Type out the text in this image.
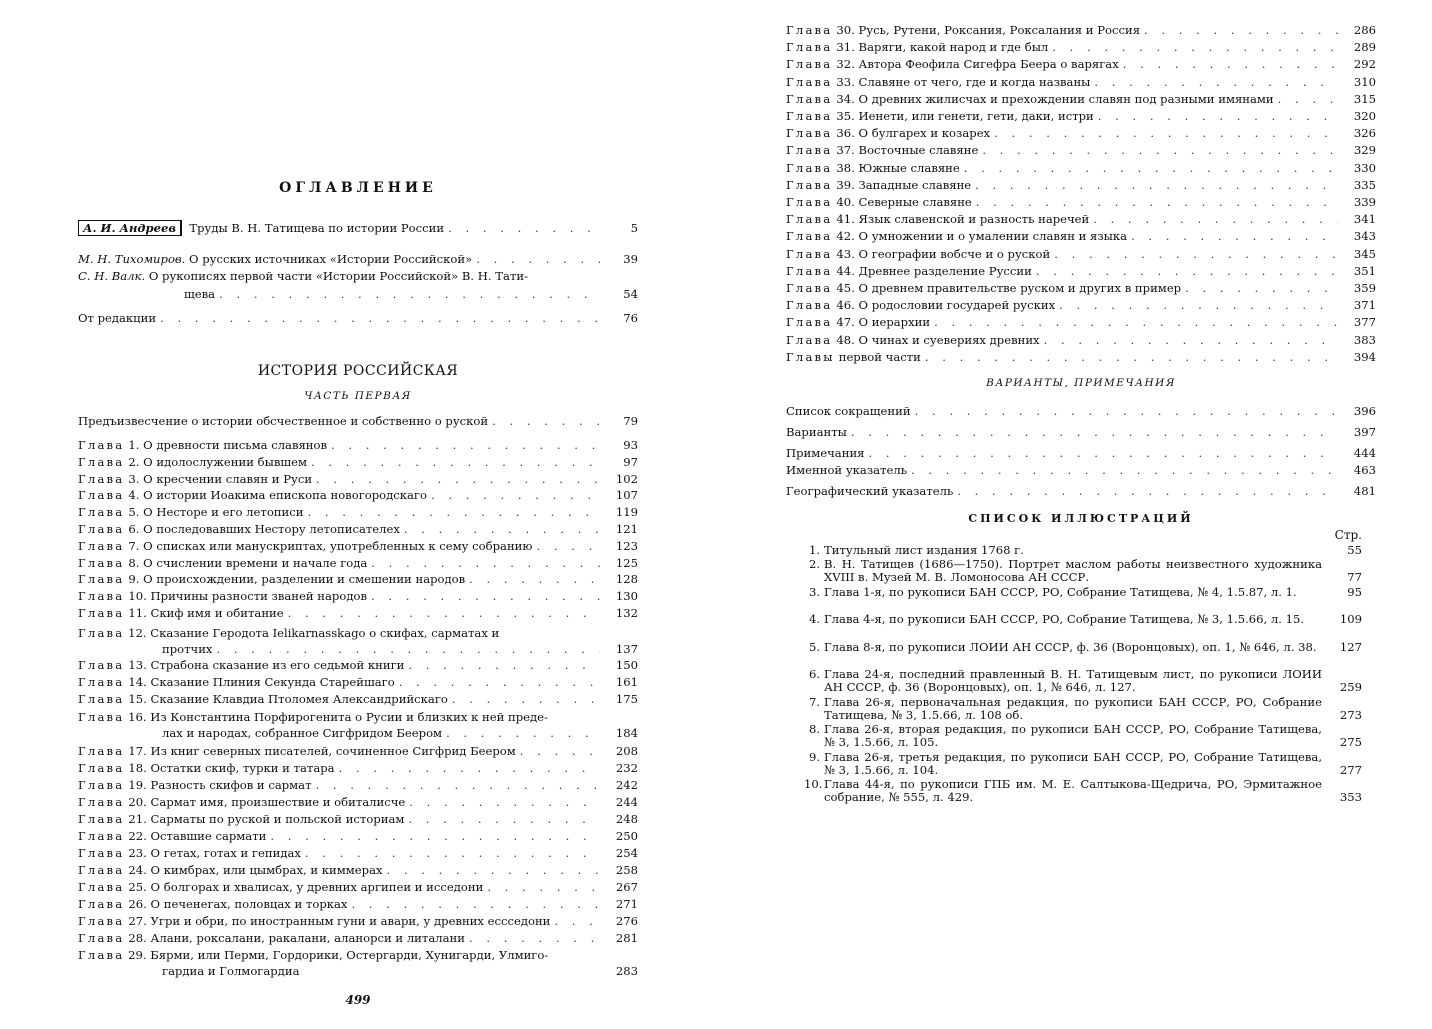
ОГЛАВЛЕНИЕ
А. И. Андреев Труды В. Н. Татищева по истории России . . .	5
М. Н. Тихомиров. О русских источниках «Истории Российской» . . .	39
С. Н. Валк. О рукописях первой части «Истории Российской» В. Н. Тати-
щева . . .	54
От редакции . . .	76
ИСТОРИЯ РОССИЙСКАЯ
ЧАСТЬ ПЕРВАЯ
Предъизвесчение о истории обсчественное и собственно о руской . . .	79
Глава 1. О древности письма славянов . . .	93
Глава 2. О идолослужении бывшем . . .	97
Глава 3. О кресчении славян и Руси . . .	102
Глава 4. О истории Иоакима епископа новогородскаго . . .	107
Глава 5. О Несторе и его летописи . . .	119
Глава 6. О последовавших Нестору летописателех . . .	121
Глава 7. О списках или манускриптах, употребленных к сему собранию . . .	123
Глава 8. О счислении времени и начале года . . .	125
Глава 9. О происхождении, разделении и смешении народов . . .	128
Глава 10. Причины разности званей народов . . .	130
Глава 11. Скиф имя и обитание . . .	132
Глава 12. Сказание Геродота Ielikarnasskago o скифах, сарматах и
протчих . . .	137
Глава 13. Страбона сказание из его седьмой книги . . .	150
Глава 14. Сказание Плиния Секунда Старейшаго . . .	161
Глава 15. Сказание Клавдиа Птоломея Александрийскаго . . .	175
Глава 16. Из Константина Порфирогенита о Русии и близких к ней преде-
лах и народах, собранное Сигфридом Беером . . .	184
Глава 17. Из книг северных писателей, сочиненное Сигфрид Беером . . .	208
Глава 18. Остатки скиф, турки и татара . . .	232
Глава 19. Разность скифов и сармат . . .	242
Глава 20. Сармат имя, произшествие и обиталисче . . .	244
Глава 21. Сарматы по руской и польской историам . . .	248
Глава 22. Оставшие сармати . . .	250
Глава 23. О гетах, готах и гепидах . . .	254
Глава 24. О кимбрах, или цымбрах, и киммерах . . .	258
Глава 25. О болгорах и хвалисах, у древних аргипеи и исседони . . .	267
Глава 26. О печенегах, половцах и торках . . .	271
Глава 27. Угри и обри, по иностранным гуни и авари, у древних ессседони . . .	276
Глава 28. Алани, роксалани, ракалани, аланорси и литалани . . .	281
Глава 29. Бярми, или Перми, Гордорики, Остергарди, Хунигарди, Улмиго-
гардиа и Голмогардиа	283
499
Глава 30. Русь, Рутени, Роксания, Роксалания и Россия . . .	286
Глава 31. Варяги, какой народ и где был . . .	289
Глава 32. Автора Феофила Сигефра Беера о варягах . . .	292
Глава 33. Славяне от чего, где и когда названы . . .	310
Глава 34. О древних жилисчах и прехождении славян под разными имянами . . .	315
Глава 35. Иенети, или генети, гети, даки, истри . . .	320
Глава 36. О булгарех и козарех . . .	326
Глава 37. Восточные славяне . . .	329
Глава 38. Южные славяне . . .	330
Глава 39. Западные славяне . . .	335
Глава 40. Северные славяне . . .	339
Глава 41. Язык славенской и разность наречей . . .	341
Глава 42. О умножении и о умалении славян и языка . . .	343
Глава 43. О географии вобсче и о руской . . .	345
Глава 44. Древнее разделение Руссии . . .	351
Глава 45. О древнем правительстве руском и других в пример . . .	359
Глава 46. О родословии государей руских . . .	371
Глава 47. О иерархии . . .	377
Глава 48. О чинах и суевериях древних . . .	383
Главы первой части . . .	394
ВАРИАНТЫ, ПРИМЕЧАНИЯ
Список сокращений . . .	396
Варианты . . .	397
Примечания . . .	444
Именной указатель . . .	463
Географический указатель . . .	481
СПИСОК ИЛЛЮСТРАЦИЙ
Стр.
1. Титульный лист издания 1768 г.	55
2. В. Н. Татищев (1686—1750). Портрет маслом работы неизвестного художника XVIII в. Музей М. В. Ломоносова АН СССР.	77
3. Глава 1-я, по рукописи БАН СССР, РО, Собрание Татищева, № 4, 1.5.87, л. 1.	95
4. Глава 4-я, по рукописи БАН СССР, РО, Собрание Татищева, № 3, 1.5.66, л. 15.	109
5. Глава 8-я, по рукописи ЛОИИ АН СССР, ф. 36 (Воронцовых), оп. 1, № 646, л. 38.	127
6. Глава 24-я, последний правленный В. Н. Татищевым лист, по рукописи ЛОИИ АН СССР, ф. 36 (Воронцовых), оп. 1, № 646, л. 127.	259
7. Глава 26-я, первоначальная редакция, по рукописи БАН СССР, РО, Собрание Татищева, № 3, 1.5.66, л. 108 об.	273
8. Глава 26-я, вторая редакция, по рукописи БАН СССР, РО, Собрание Татищева, № 3, 1.5.66, л. 105.	275
9. Глава 26-я, третья редакция, по рукописи БАН СССР, РО, Собрание Татищева, № 3, 1.5.66, л. 104.	277
10. Глава 44-я, по рукописи ГПБ им. М. Е. Салтыкова-Щедрича, РО, Эрмитажное собрание, № 555, л. 429.	353
